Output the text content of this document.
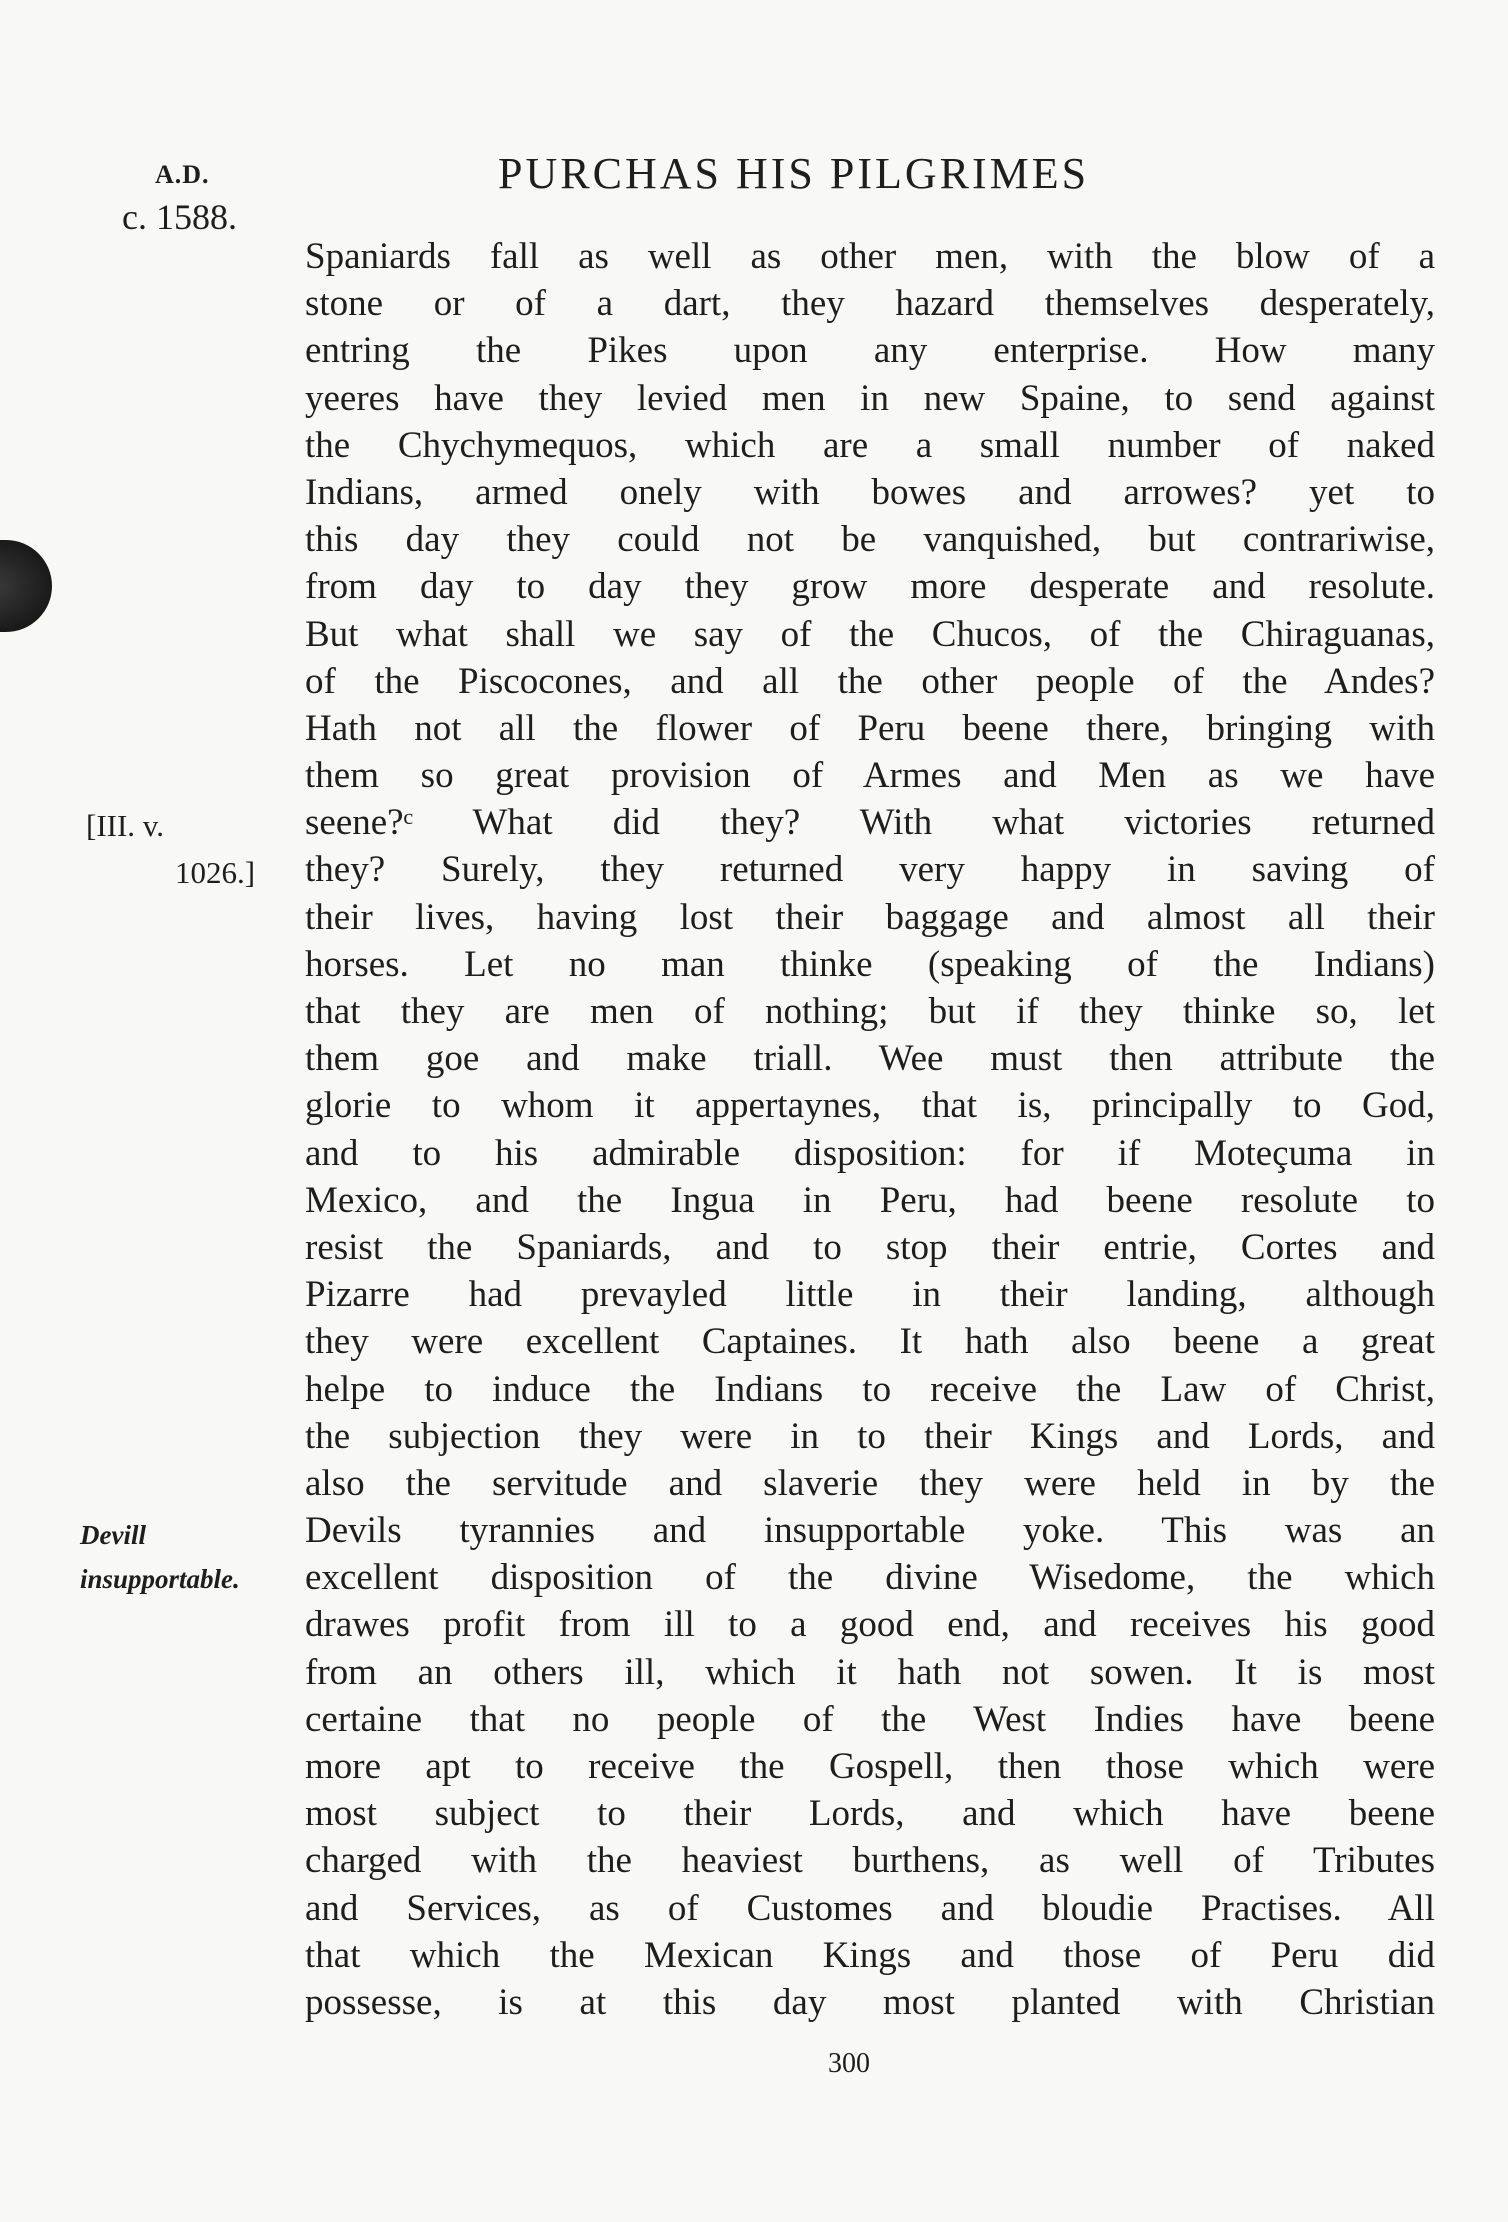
A.D.
c. 1588.
PURCHAS HIS PILGRIMES
[III. v.
1026.]
Devill
insupportable.
Spaniards fall as well as other men, with the blow of a
stone or of a dart, they hazard themselves desperately,
entring the Pikes upon any enterprise. How many
yeeres have they levied men in new Spaine, to send against
the Chychymequos, which are a small number of naked
Indians, armed onely with bowes and arrowes? yet to
this day they could not be vanquished, but contrariwise,
from day to day they grow more desperate and resolute.
But what shall we say of the Chucos, of the Chiraguanas,
of the Piscocones, and all the other people of the Andes?
Hath not all the flower of Peru beene there, bringing with
them so great provision of Armes and Men as we have
seene?ᶜ What did they? With what victories returned
they? Surely, they returned very happy in saving of
their lives, having lost their baggage and almost all their
horses. Let no man thinke (speaking of the Indians)
that they are men of nothing; but if they thinke so, let
them goe and make triall. Wee must then attribute the
glorie to whom it appertaynes, that is, principally to God,
and to his admirable disposition: for if Moteçuma in
Mexico, and the Ingua in Peru, had beene resolute to
resist the Spaniards, and to stop their entrie, Cortes and
Pizarre had prevayled little in their landing, although
they were excellent Captaines. It hath also beene a great
helpe to induce the Indians to receive the Law of Christ,
the subjection they were in to their Kings and Lords, and
also the servitude and slaverie they were held in by the
Devils tyrannies and insupportable yoke. This was an
excellent disposition of the divine Wisedome, the which
drawes profit from ill to a good end, and receives his good
from an others ill, which it hath not sowen. It is most
certaine that no people of the West Indies have beene
more apt to receive the Gospell, then those which were
most subject to their Lords, and which have beene
charged with the heaviest burthens, as well of Tributes
and Services, as of Customes and bloudie Practises. All
that which the Mexican Kings and those of Peru did
possesse, is at this day most planted with Christian
300
